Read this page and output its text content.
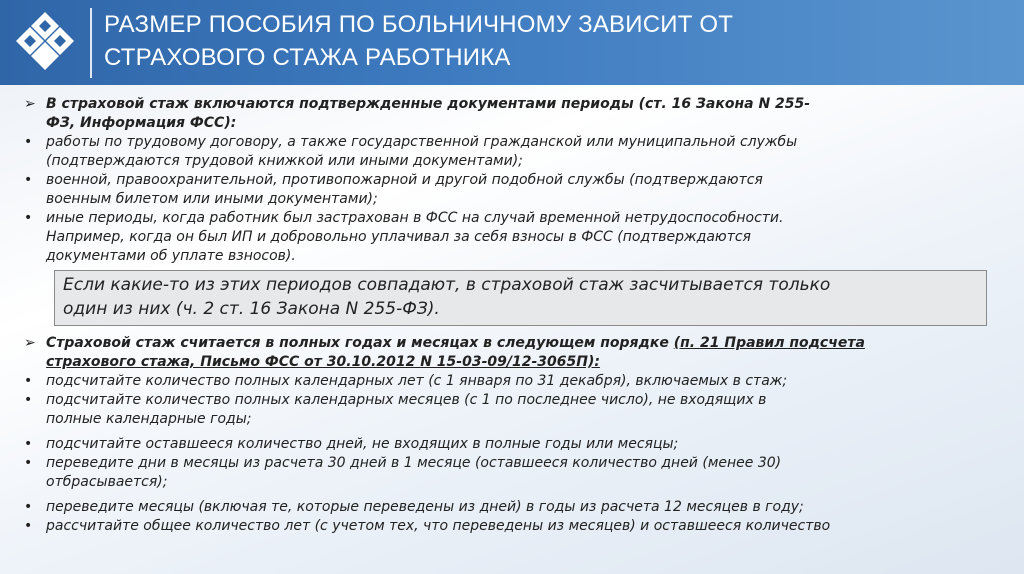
РАЗМЕР ПОСОБИЯ ПО БОЛЬНИЧНОМУ ЗАВИСИТ ОТ
СТРАХОВОГО СТАЖА РАБОТНИКА
➢ В страховой стаж включаются подтвержденные документами периоды (ст. 16 Закона N 255-
ФЗ, Информация ФСС):
• работы по трудовому договору, а также государственной гражданской или муниципальной службы
(подтверждаются трудовой книжкой или иными документами);
• военной, правоохранительной, противопожарной и другой подобной службы (подтверждаются
военным билетом или иными документами);
• иные периоды, когда работник был застрахован в ФСС на случай временной нетрудоспособности.
Например, когда он был ИП и добровольно уплачивал за себя взносы в ФСС (подтверждаются
документами об уплате взносов).
Если какие-то из этих периодов совпадают, в страховой стаж засчитывается только
один из них (ч. 2 ст. 16 Закона N 255-ФЗ).
➢ Страховой стаж считается в полных годах и месяцах в следующем порядке (п. 21 Правил подсчета
страхового стажа, Письмо ФСС от 30.10.2012 N 15-03-09/12-3065П):
• подсчитайте количество полных календарных лет (с 1 января по 31 декабря), включаемых в стаж;
• подсчитайте количество полных календарных месяцев (с 1 по последнее число), не входящих в
полные календарные годы;
• подсчитайте оставшееся количество дней, не входящих в полные годы или месяцы;
• переведите дни в месяцы из расчета 30 дней в 1 месяце (оставшееся количество дней (менее 30)
отбрасывается);
• переведите месяцы (включая те, которые переведены из дней) в годы из расчета 12 месяцев в году;
• рассчитайте общее количество лет (с учетом тех, что переведены из месяцев) и оставшееся количество
